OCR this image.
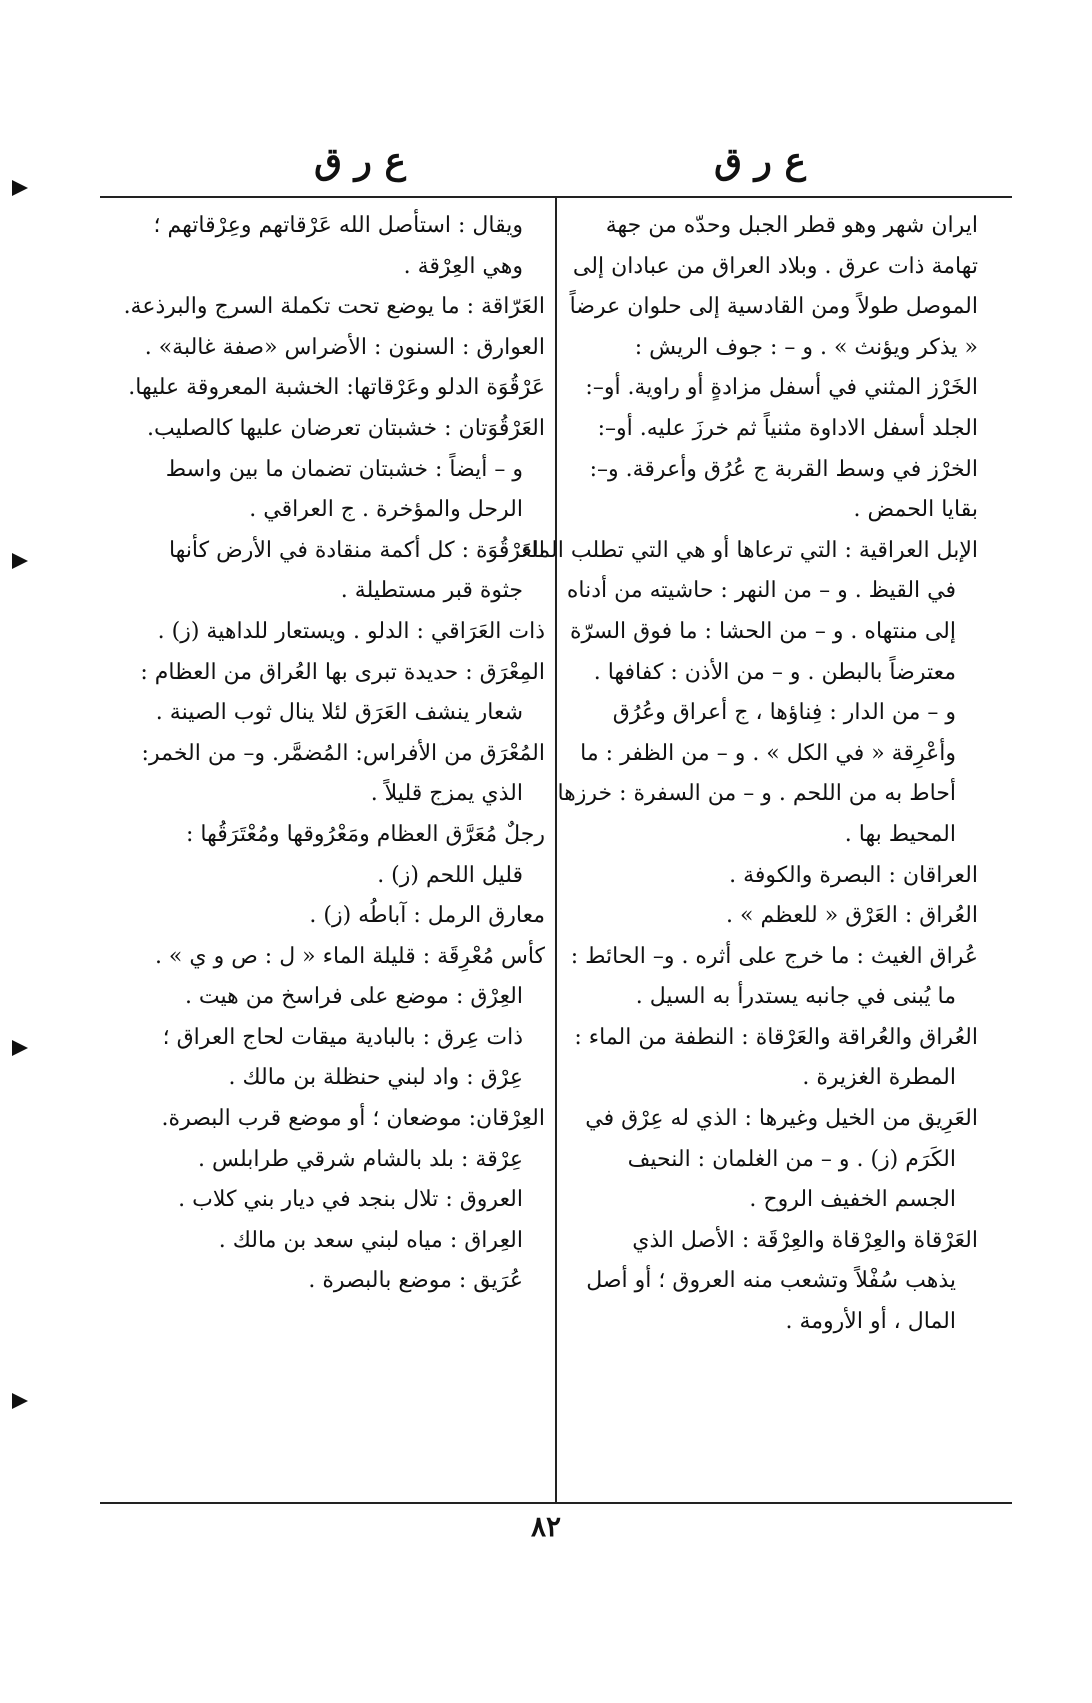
ع ر ق
ع ر ق

ايران شهر وهو قطر الجبل وحدّه من جهة

تهامة ذات عرق . وبلاد العراق من عبادان إلى

الموصل طولاً ومن القادسية إلى حلوان عرضاً

« يذكر ويؤنث » . و – : جوف الريش :

الخَرْز المثني في أسفل مزادةٍ أو راوية. أو–:

الجلد أسفل الاداوة مثنياً ثم خرزَ عليه. أو–:

الخرْز في وسط القربة ج عُرُق وأعرقة. و–:

بقايا الحمض .

الإبل العراقية : التي ترعاها أو هي التي تطلب الماء

في القيظ . و – من النهر : حاشيته من أدناه

إلى منتهاه . و – من الحشا : ما فوق السرّة

معترضاً بالبطن . و – من الأذن : كفافها .

و – من الدار : فِناؤها ، ج أعراق وعُرُق

وأعْرِقة « في الكل » . و – من الظفر : ما

أحاط به من اللحم . و – من السفرة : خرزها

المحيط بها .

العراقان : البصرة والكوفة .

العُراق : العَرْق « للعظم » .

عُراق الغيث : ما خرج على أثره . و– الحائط :

ما يُبنى في جانبه يستدرأ به السيل .

العُراق والعُراقة والعَرْقاة : النطفة من الماء :

المطرة الغزيرة .

العَرِيق من الخيل وغيرها : الذي له عِرْق في

الكَرَم (ز) . و – من الغلمان : النحيف

الجسم الخفيف الروح .

العَرْقاة والعِرْقاة والعِرْقَة : الأصل الذي

يذهب سُفْلاً وتشعب منه العروق ؛ أو أصل

المال ، أو الأرومة .

ويقال : استأصل الله عَرْقاتهم وعِرْقاتهم ؛

وهي العِرْقة .

العَرّاقة : ما يوضع تحت تكملة السرج والبرذعة.

العوارق : السنون : الأضراس «صفة غالبة» .

عَرْقُوَة الدلو وعَرْقاتها: الخشبة المعروقة عليها.

العَرْقُوَتان : خشبتان تعرضان عليها كالصليب.

و – أيضاً : خشبتان تضمان ما بين واسط

الرحل والمؤخرة . ج العراقي .

العَرْقُوَة : كل أكمة منقادة في الأرض كأنها

جثوة قبر مستطيلة .

ذات العَرَاقي : الدلو . ويستعار للداهية (ز) .

المِعْرَق : حديدة تبرى بها العُراق من العظام :

شعار ينشف العَرَق لئلا ينال ثوب الصينة .

المُعْرَق من الأفراس: المُضمَّر. و– من الخمر:

الذي يمزج قليلاً .

رجلٌ مُعَرَّق العظام ومَعْرُوقها ومُعْتَرَقُها :

قليل اللحم (ز) .

معارق الرمل : آباطُه (ز) .

كأس مُعْرِقَة : قليلة الماء « ل : ص و ي » .

العِرْق : موضع على فراسخ من هيت .

ذات عِرق : بالبادية ميقات لحاج العراق ؛

عِرْق : واد لبني حنظلة بن مالك .

العِرْقان: موضعان ؛ أو موضع قرب البصرة.

عِرْقة : بلد بالشام شرقي طرابلس .

العروق : تلال بنجد في ديار بني كلاب .

العِراق : مياه لبني سعد بن مالك .

عُرَيق : موضع بالبصرة .

٨٢
